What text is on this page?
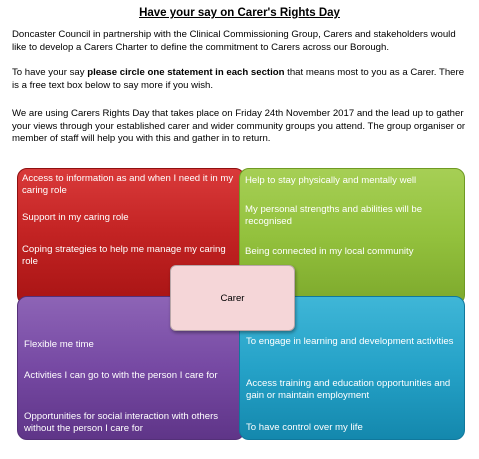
Have your say on Carer's Rights Day
Doncaster Council in partnership with the Clinical Commissioning Group, Carers and stakeholders would like to develop a Carers Charter to define the commitment to Carers across our Borough.
To have your say please circle one statement in each section that means most to you as a Carer. There is a free text box below to say more if you wish.
We are using Carers Rights Day that takes place on Friday 24th November 2017 and the lead up to gather your views through your established carer and wider community groups you attend. The group organiser or member of staff will help you with this and gather in to return.
Access to information as and when I need it in my caring role
Support in my caring role
Coping strategies to help me manage my caring role
Help to stay physically and mentally well
My personal strengths and abilities will be recognised
Being connected in my local community
Flexible me time
Activities I can go to with the person I care for
Opportunities for social interaction with others without the person I care for
To engage in learning and development activities
Access training and education opportunities and gain or maintain employment
To have control over my life
Carer
